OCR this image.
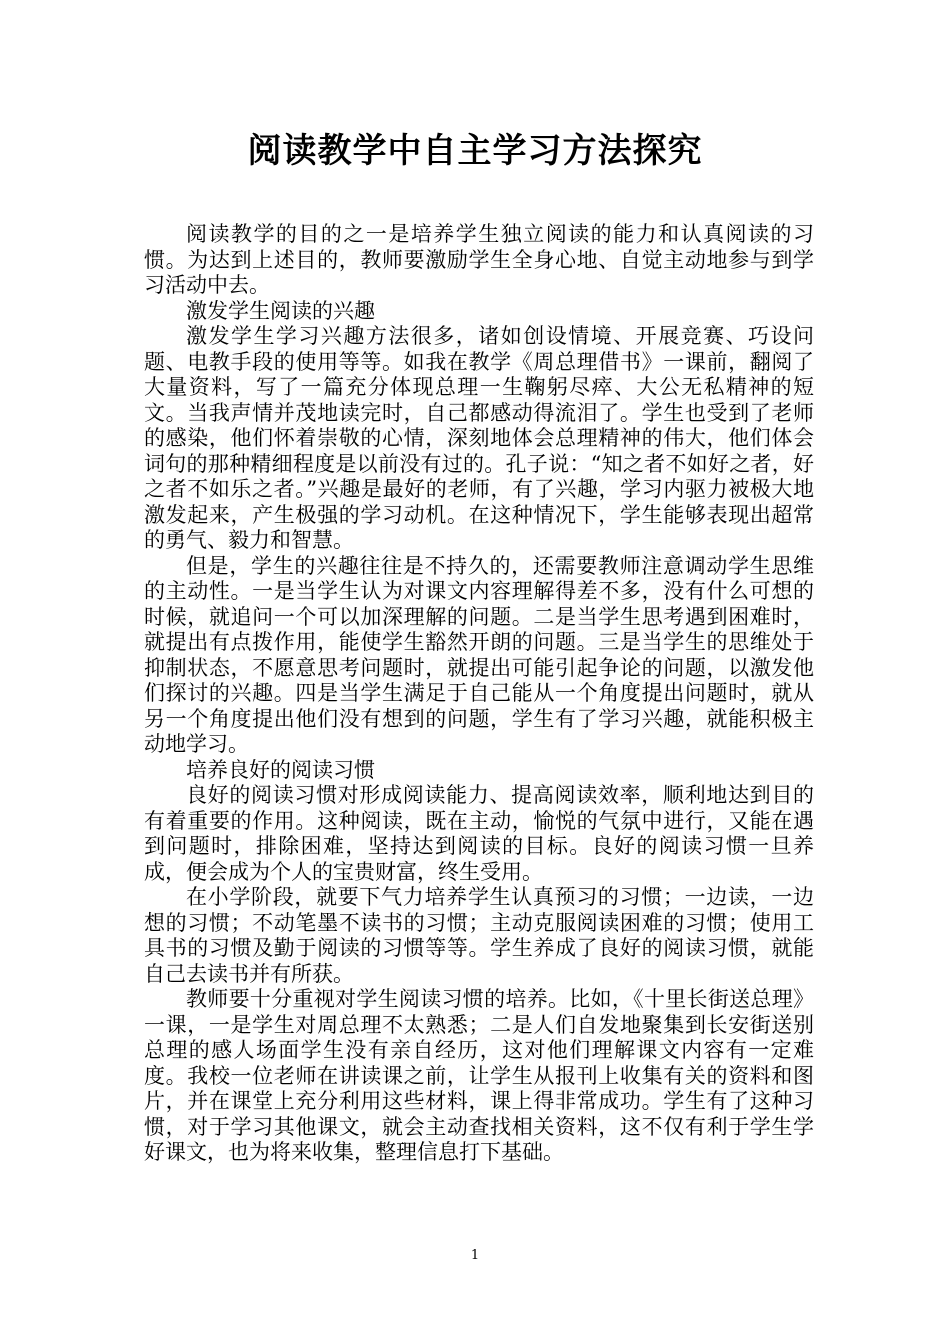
阅读教学中自主学习方法探究

阅读教学的目的之一是培养学生独立阅读的能力和认真阅读的习惯。为达到上述目的，教师要激励学生全身心地、自觉主动地参与到学习活动中去。

激发学生阅读的兴趣

激发学生学习兴趣方法很多，诸如创设情境、开展竞赛、巧设问题、电教手段的使用等等。如我在教学《周总理借书》一课前，翻阅了大量资料，写了一篇充分体现总理一生鞠躬尽瘁、大公无私精神的短文。当我声情并茂地读完时，自己都感动得流泪了。学生也受到了老师的感染，他们怀着崇敬的心情，深刻地体会总理精神的伟大，他们体会词句的那种精细程度是以前没有过的。孔子说：“知之者不如好之者，好之者不如乐之者。”兴趣是最好的老师，有了兴趣，学习内驱力被极大地激发起来，产生极强的学习动机。在这种情况下，学生能够表现出超常的勇气、毅力和智慧。

但是，学生的兴趣往往是不持久的，还需要教师注意调动学生思维的主动性。一是当学生认为对课文内容理解得差不多，没有什么可想的时候，就追问一个可以加深理解的问题。二是当学生思考遇到困难时，就提出有点拨作用，能使学生豁然开朗的问题。三是当学生的思维处于抑制状态，不愿意思考问题时，就提出可能引起争论的问题，以激发他们探讨的兴趣。四是当学生满足于自己能从一个角度提出问题时，就从另一个角度提出他们没有想到的问题，学生有了学习兴趣，就能积极主动地学习。

培养良好的阅读习惯

良好的阅读习惯对形成阅读能力、提高阅读效率，顺利地达到目的有着重要的作用。这种阅读，既在主动，愉悦的气氛中进行，又能在遇到问题时，排除困难，坚持达到阅读的目标。良好的阅读习惯一旦养成，便会成为个人的宝贵财富，终生受用。

在小学阶段，就要下气力培养学生认真预习的习惯；一边读，一边想的习惯；不动笔墨不读书的习惯；主动克服阅读困难的习惯；使用工具书的习惯及勤于阅读的习惯等等。学生养成了良好的阅读习惯，就能自己去读书并有所获。

教师要十分重视对学生阅读习惯的培养。比如，《十里长街送总理》一课，一是学生对周总理不太熟悉；二是人们自发地聚集到长安街送别总理的感人场面学生没有亲自经历，这对他们理解课文内容有一定难度。我校一位老师在讲读课之前，让学生从报刊上收集有关的资料和图片，并在课堂上充分利用这些材料，课上得非常成功。学生有了这种习惯，对于学习其他课文，就会主动查找相关资料，这不仅有利于学生学好课文，也为将来收集，整理信息打下基础。

1
